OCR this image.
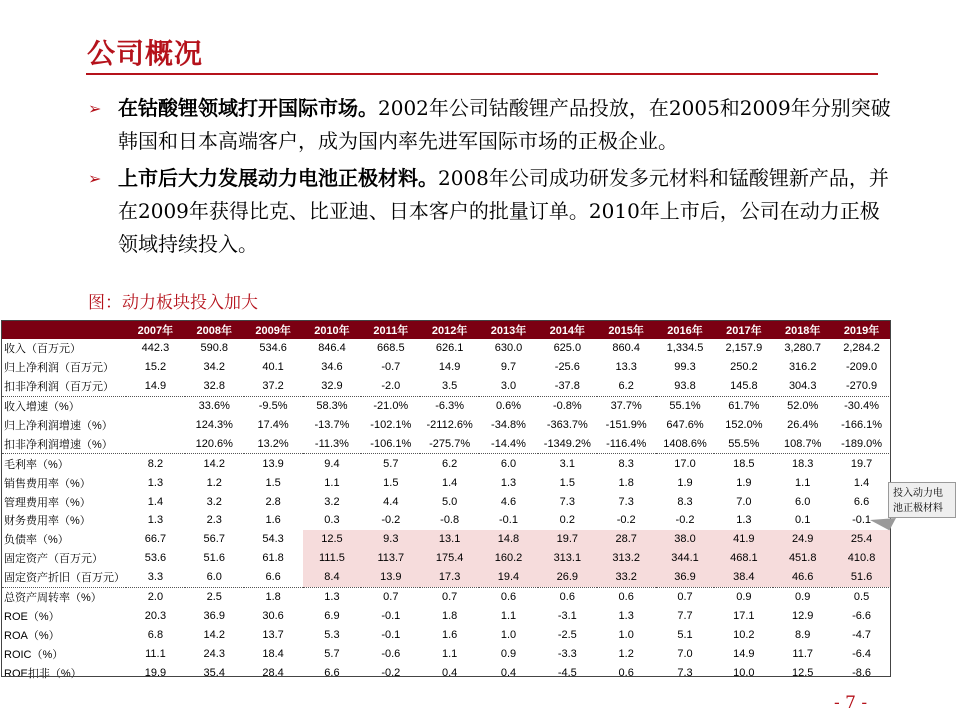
公司概况
➢ 在钴酸锂领域打开国际市场。2002年公司钴酸锂产品投放，在2005和2009年分别突破韩国和日本高端客户，成为国内率先进军国际市场的正极企业。
➢ 上市后大力发展动力电池正极材料。2008年公司成功研发多元材料和锰酸锂新产品，并在2009年获得比克、比亚迪、日本客户的批量订单。2010年上市后，公司在动力正极领域持续投入。
图：动力板块投入加大
	2007年	2008年	2009年	2010年	2011年	2012年	2013年	2014年	2015年	2016年	2017年	2018年	2019年
收入（百万元）	442.3	590.8	534.6	846.4	668.5	626.1	630.0	625.0	860.4	1,334.5	2,157.9	3,280.7	2,284.2
归上净利润（百万元）	15.2	34.2	40.1	34.6	-0.7	14.9	9.7	-25.6	13.3	99.3	250.2	316.2	-209.0
扣非净利润（百万元）	14.9	32.8	37.2	32.9	-2.0	3.5	3.0	-37.8	6.2	93.8	145.8	304.3	-270.9
收入增速（%）		33.6%	-9.5%	58.3%	-21.0%	-6.3%	0.6%	-0.8%	37.7%	55.1%	61.7%	52.0%	-30.4%
归上净利润增速（%）		124.3%	17.4%	-13.7%	-102.1%	-2112.6%	-34.8%	-363.7%	-151.9%	647.6%	152.0%	26.4%	-166.1%
扣非净利润增速（%）		120.6%	13.2%	-11.3%	-106.1%	-275.7%	-14.4%	-1349.2%	-116.4%	1408.6%	55.5%	108.7%	-189.0%
毛利率（%）	8.2	14.2	13.9	9.4	5.7	6.2	6.0	3.1	8.3	17.0	18.5	18.3	19.7
销售费用率（%）	1.3	1.2	1.5	1.1	1.5	1.4	1.3	1.5	1.8	1.9	1.9	1.1	1.4
管理费用率（%）	1.4	3.2	2.8	3.2	4.4	5.0	4.6	7.3	7.3	8.3	7.0	6.0	6.6
财务费用率（%）	1.3	2.3	1.6	0.3	-0.2	-0.8	-0.1	0.2	-0.2	-0.2	1.3	0.1	-0.1
负债率（%）	66.7	56.7	54.3	12.5	9.3	13.1	14.8	19.7	28.7	38.0	41.9	24.9	25.4
固定资产（百万元）	53.6	51.6	61.8	111.5	113.7	175.4	160.2	313.1	313.2	344.1	468.1	451.8	410.8
固定资产折旧（百万元）	3.3	6.0	6.6	8.4	13.9	17.3	19.4	26.9	33.2	36.9	38.4	46.6	51.6
总资产周转率（%）	2.0	2.5	1.8	1.3	0.7	0.7	0.6	0.6	0.6	0.7	0.9	0.9	0.5
ROE（%）	20.3	36.9	30.6	6.9	-0.1	1.8	1.1	-3.1	1.3	7.7	17.1	12.9	-6.6
ROA（%）	6.8	14.2	13.7	5.3	-0.1	1.6	1.0	-2.5	1.0	5.1	10.2	8.9	-4.7
ROIC（%）	11.1	24.3	18.4	5.7	-0.6	1.1	0.9	-3.3	1.2	7.0	14.9	11.7	-6.4
ROE扣非（%）	19.9	35.4	28.4	6.6	-0.2	0.4	0.4	-4.5	0.6	7.3	10.0	12.5	-8.6
投入动力电池正极材料
- 7 -
